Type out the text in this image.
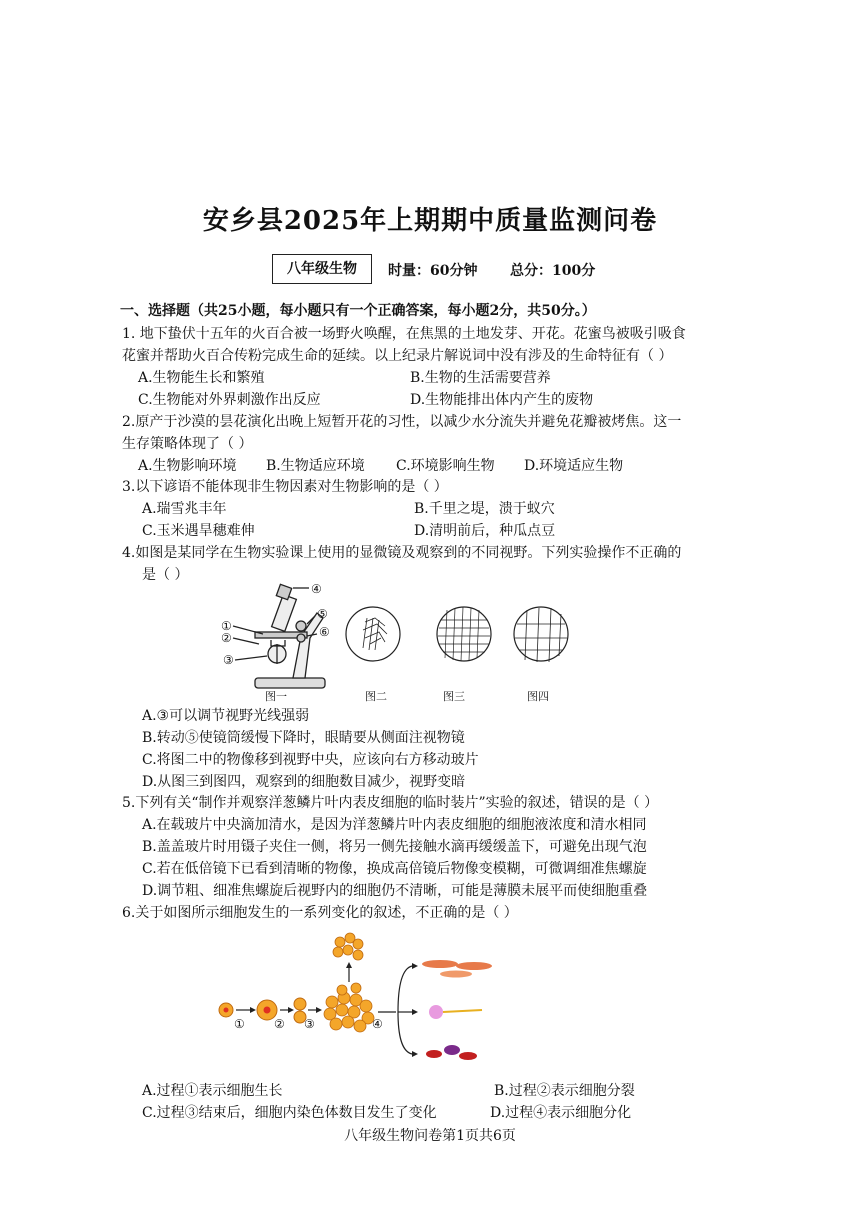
安乡县2025年上期期中质量监测问卷
八年级生物	时量：60分钟 总分：100分
一、选择题（共25小题，每小题只有一个正确答案，每小题2分，共50分。）
1. 地下蛰伏十五年的火百合被一场野火唤醒，在焦黑的土地发芽、开花。花蜜鸟被吸引吸食
花蜜并帮助火百合传粉完成生命的延续。以上纪录片解说词中没有涉及的生命特征有（ ）
A.生物能生长和繁殖	B.生物的生活需要营养
C.生物能对外界刺激作出反应	D.生物能排出体内产生的废物
2.原产于沙漠的昙花演化出晚上短暂开花的习性，以减少水分流失并避免花瓣被烤焦。这一
生存策略体现了（ ）
A.生物影响环境 B.生物适应环境 C.环境影响生物 D.环境适应生物
3.以下谚语不能体现非生物因素对生物影响的是（ ）
A.瑞雪兆丰年	B.千里之堤，溃于蚁穴
C.玉米遇旱穗难伸	D.清明前后，种瓜点豆
4.如图是某同学在生物实验课上使用的显微镜及观察到的不同视野。下列实验操作不正确的
是（ ）
①
②
③
④
⑤
⑥
图一	图二	图三	图四
A.③可以调节视野光线强弱
B.转动⑤使镜筒缓慢下降时，眼睛要从侧面注视物镜
C.将图二中的物像移到视野中央，应该向右方移动玻片
D.从图三到图四，观察到的细胞数目减少，视野变暗
5.下列有关“制作并观察洋葱鳞片叶内表皮细胞的临时装片”实验的叙述，错误的是（ ）
A.在载玻片中央滴加清水，是因为洋葱鳞片叶内表皮细胞的细胞液浓度和清水相同
B.盖盖玻片时用镊子夹住一侧，将另一侧先接触水滴再缓缓盖下，可避免出现气泡
C.若在低倍镜下已看到清晰的物像，换成高倍镜后物像变模糊，可微调细准焦螺旋
D.调节粗、细准焦螺旋后视野内的细胞仍不清晰，可能是薄膜未展平而使细胞重叠
6.关于如图所示细胞发生的一系列变化的叙述，不正确的是（ ）
① ② ③	④
A.过程①表示细胞生长	B.过程②表示细胞分裂
C.过程③结束后，细胞内染色体数目发生了变化	D.过程④表示细胞分化
八年级生物问卷第1页共6页
